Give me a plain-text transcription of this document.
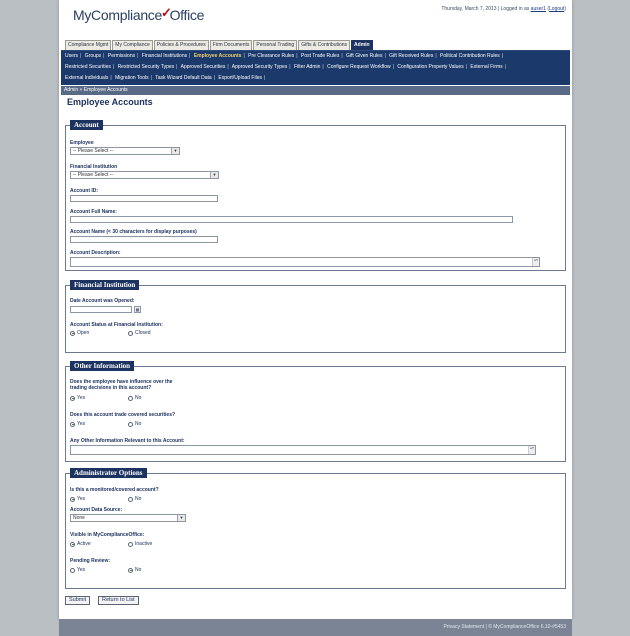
MyCompliance✓Office	Thursday, March 7, 2013 | Logged in as auser1 (Logout)
Compliance Mgmt	My Compliance	Policies & Procedures	Firm Documents	Personal Trading	Gifts & Contributions	Admin
Users | Groups | Permissions | Financial Institutions | Employee Accounts | Pre Clearance Rules | Post Trade Rules | Gift Given Rules | Gift Received Rules | Political Contribution Rules |
Restricted Securities | Restricted Security Types | Approved Securities | Approved Security Types | Filter Admin | Configure Request Workflow | Configuration Property Values | External Firms |
External Individuals | Migration Tools | Task Wizard Default Data | Export/Upload Files |
Admin » Employee Accounts
Employee Accounts
Account
Employee
-- Please Select --	▼
Financial Institution
-- Please Select --	▼
Account ID:
Account Full Name:
Account Name (< 30 characters for display purposes)
Account Description:
▴▾
Financial Institution
Date Account was Opened:
▦
Account Status at Financial Institution:
Open	Closed
Other Information
Does the employee have influence over the
trading decisions in this account?
Yes	No
Does this account trade covered securities?
Yes	No
Any Other Information Relevant to this Account:
▴▾
Administrator Options
Is this a monitored/covered account?
Yes	No
Account Data Source:
None	▼
Visible in MyComplianceOffice:
Active	Inactive
Pending Review:
Yes	No
Submit	Return to List
Privacy Statement | © MyComplianceOffice 6.10-#5453
